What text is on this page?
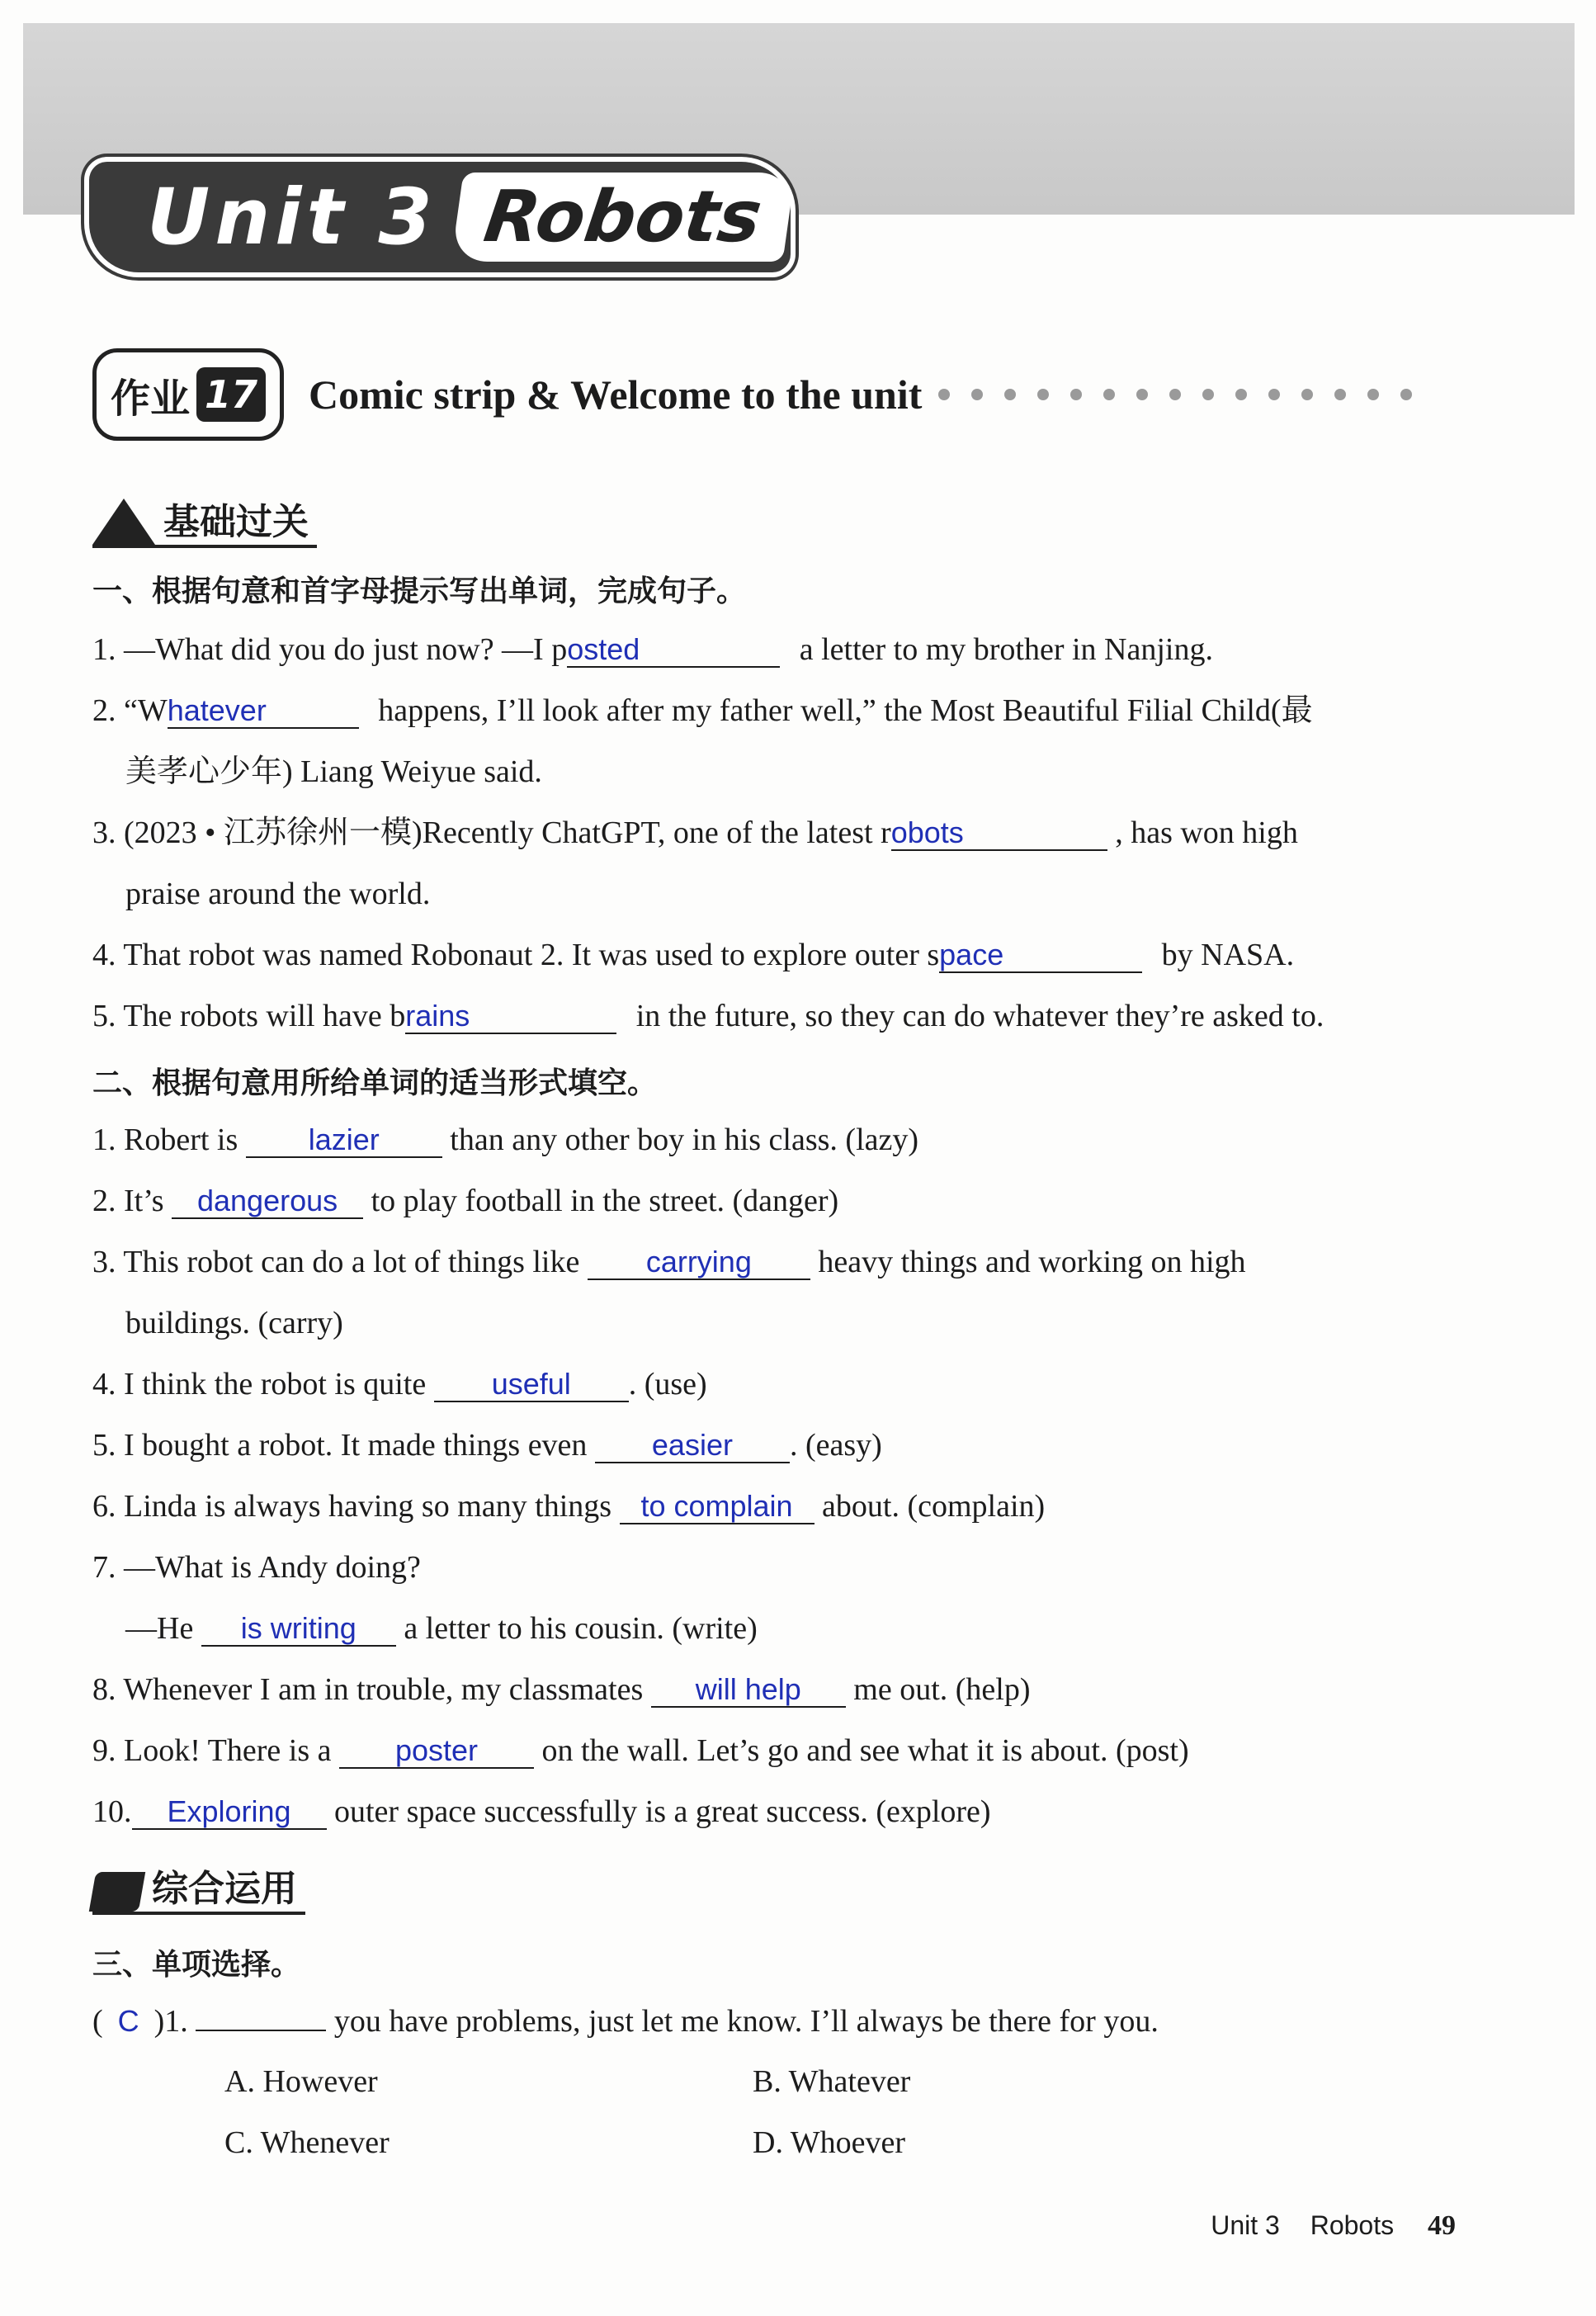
Unit 3 Robots
作业 17 Comic strip & Welcome to the unit
基础过关
一、根据句意和首字母提示写出单词，完成句子。
1. —What did you do just now? —I posted	a letter to my brother in Nanjing.
2. “Whatever	happens, I’ll look after my father well,” the Most Beautiful Filial Child(最
美孝心少年) Liang Weiyue said.
3. (2023 • 江苏徐州一模)Recently ChatGPT, one of the latest robots	, has won high
praise around the world.
4. That robot was named Robonaut 2. It was used to explore outer space	by NASA.
5. The robots will have brains	in the future, so they can do whatever they’re asked to.
二、根据句意用所给单词的适当形式填空。
1. Robert is lazier than any other boy in his class. (lazy)
2. It’s dangerous to play football in the street. (danger)
3. This robot can do a lot of things like carrying heavy things and working on high
buildings. (carry)
4. I think the robot is quite useful . (use)
5. I bought a robot. It made things even easier . (easy)
6. Linda is always having so many things to complain about. (complain)
7. —What is Andy doing?
—He is writing a letter to his cousin. (write)
8. Whenever I am in trouble, my classmates will help me out. (help)
9. Look! There is a poster on the wall. Let’s go and see what it is about. (post)
10. Exploring outer space successfully is a great success. (explore)
综合运用
三、单项选择。
( C )1.	you have problems, just let me know. I’ll always be there for you.
A. However	B. Whatever
C. Whenever	D. Whoever
Unit 3 Robots 49
